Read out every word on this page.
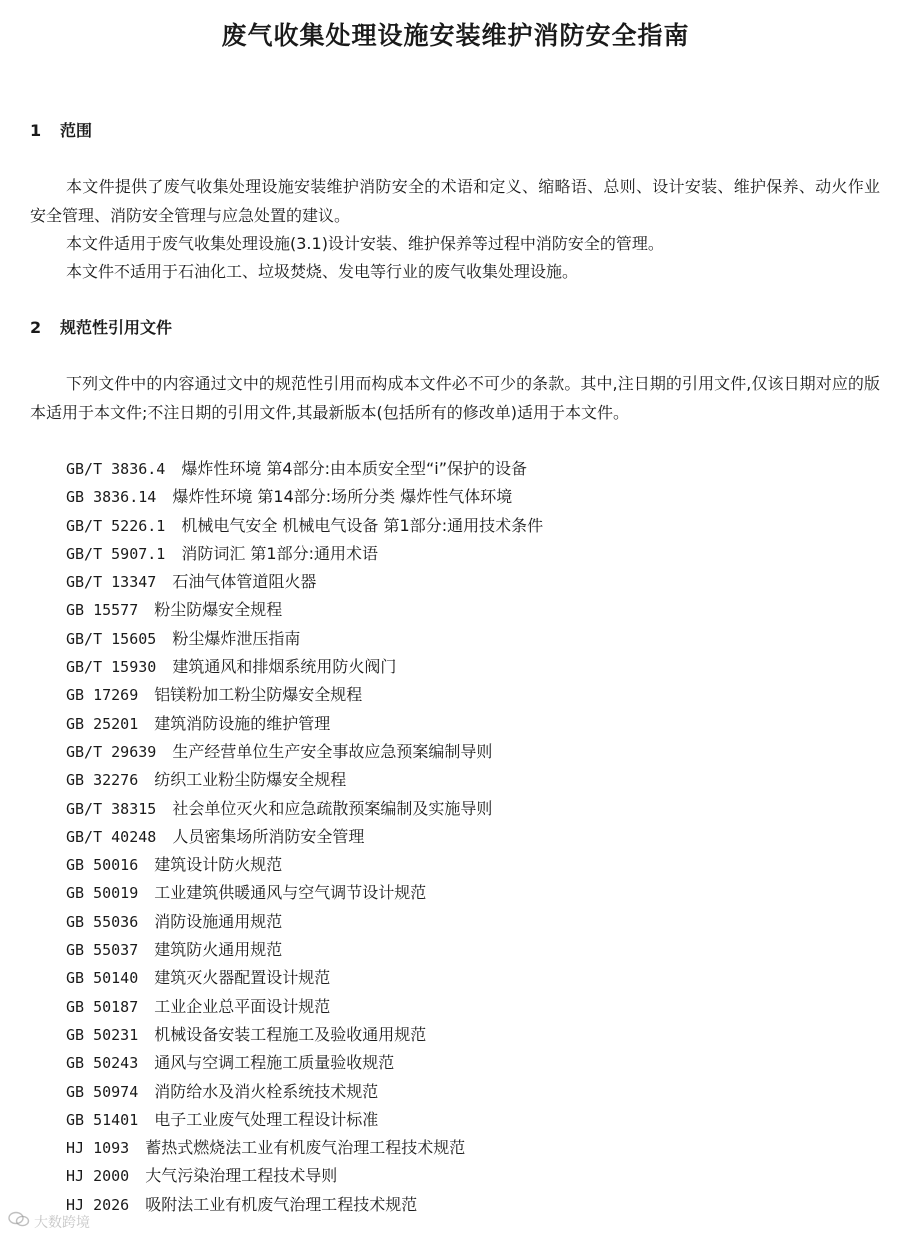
废气收集处理设施安装维护消防安全指南
1 范围

本文件提供了废气收集处理设施安装维护消防安全的术语和定义、缩略语、总则、设计安装、维护保养、动火作业安全管理、消防安全管理与应急处置的建议。

本文件适用于废气收集处理设施(3.1)设计安装、维护保养等过程中消防安全的管理。

本文件不适用于石油化工、垃圾焚烧、发电等行业的废气收集处理设施。

2 规范性引用文件

下列文件中的内容通过文中的规范性引用而构成本文件必不可少的条款。其中,注日期的引用文件,仅该日期对应的版本适用于本文件;不注日期的引用文件,其最新版本(包括所有的修改单)适用于本文件。

GB/T 3836.4  爆炸性环境 第4部分:由本质安全型“i”保护的设备
GB 3836.14  爆炸性环境 第14部分:场所分类 爆炸性气体环境
GB/T 5226.1  机械电气安全 机械电气设备 第1部分:通用技术条件
GB/T 5907.1  消防词汇 第1部分:通用术语
GB/T 13347  石油气体管道阻火器
GB 15577  粉尘防爆安全规程
GB/T 15605  粉尘爆炸泄压指南
GB/T 15930  建筑通风和排烟系统用防火阀门
GB 17269  铝镁粉加工粉尘防爆安全规程
GB 25201  建筑消防设施的维护管理
GB/T 29639  生产经营单位生产安全事故应急预案编制导则
GB 32276  纺织工业粉尘防爆安全规程
GB/T 38315  社会单位灭火和应急疏散预案编制及实施导则
GB/T 40248  人员密集场所消防安全管理
GB 50016  建筑设计防火规范
GB 50019  工业建筑供暖通风与空气调节设计规范
GB 55036  消防设施通用规范
GB 55037  建筑防火通用规范
GB 50140  建筑灭火器配置设计规范
GB 50187  工业企业总平面设计规范
GB 50231  机械设备安装工程施工及验收通用规范
GB 50243  通风与空调工程施工质量验收规范
GB 50974  消防给水及消火栓系统技术规范
GB 51401  电子工业废气处理工程设计标准
HJ 1093  蓄热式燃烧法工业有机废气治理工程技术规范
HJ 2000  大气污染治理工程技术导则
HJ 2026  吸附法工业有机废气治理工程技术规范
大数跨境
